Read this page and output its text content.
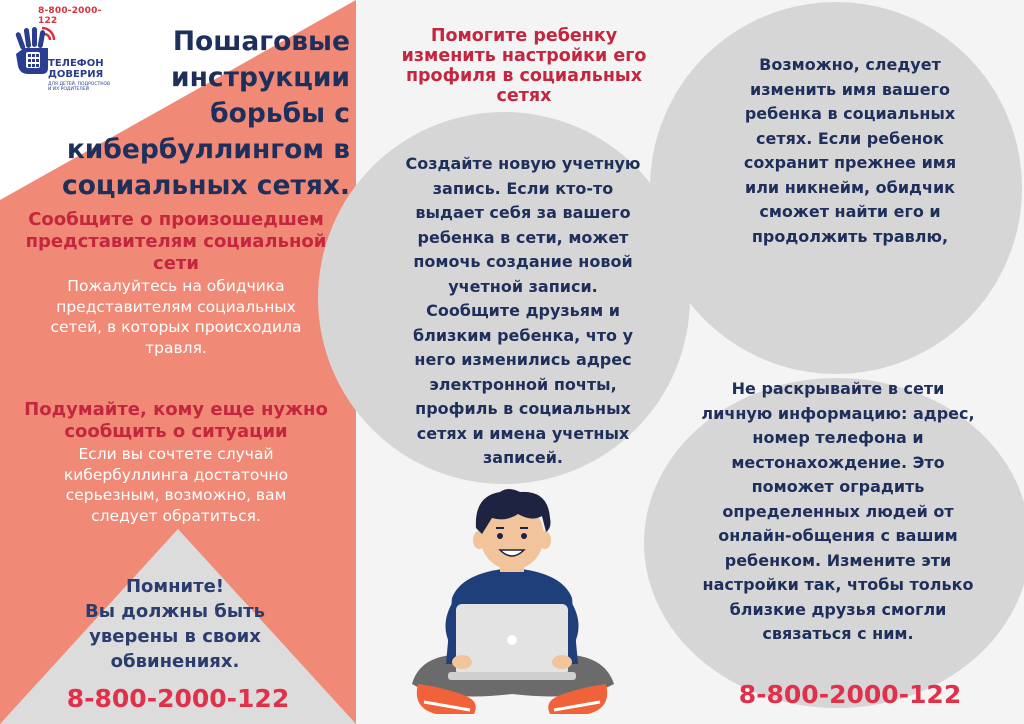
8-800-2000-122
ТЕЛЕФОН
ДОВЕРИЯ
ДЛЯ ДЕТЕЙ, ПОДРОСТКОВ И ИХ РОДИТЕЛЕЙ
Пошаговые
инструкции
борьбы с
кибербуллингом в
социальных сетях.
Сообщите о произошедшем
представителям социальной
сети
Пожалуйтесь на обидчика
представителям социальных
сетей, в которых происходила
травля.
Подумайте, кому еще нужно
сообщить о ситуации
Если вы сочтете случай
кибербуллинга достаточно
серьезным, возможно, вам
следует обратиться.
Помните!
Вы должны быть
уверены в своих
обвинениях.
8-800-2000-122
Помогите ребенку
изменить настройки его
профиля в социальных
сетях
Создайте новую учетную
запись. Если кто-то
выдает себя за вашего
ребенка в сети, может
помочь создание новой
учетной записи.
Сообщите друзьям и
близким ребенка, что у
него изменились адрес
электронной почты,
профиль в социальных
сетях и имена учетных
записей.
Возможно, следует
изменить имя вашего
ребенка в социальных
сетях. Если ребенок
сохранит прежнее имя
или никнейм, обидчик
сможет найти его и
продолжить травлю,
Не раскрывайте в сети
личную информацию: адрес,
номер телефона и
местонахождение. Это
поможет оградить
определенных людей от
онлайн-общения с вашим
ребенком. Измените эти
настройки так, чтобы только
близкие друзья смогли
связаться с ним.
8-800-2000-122
